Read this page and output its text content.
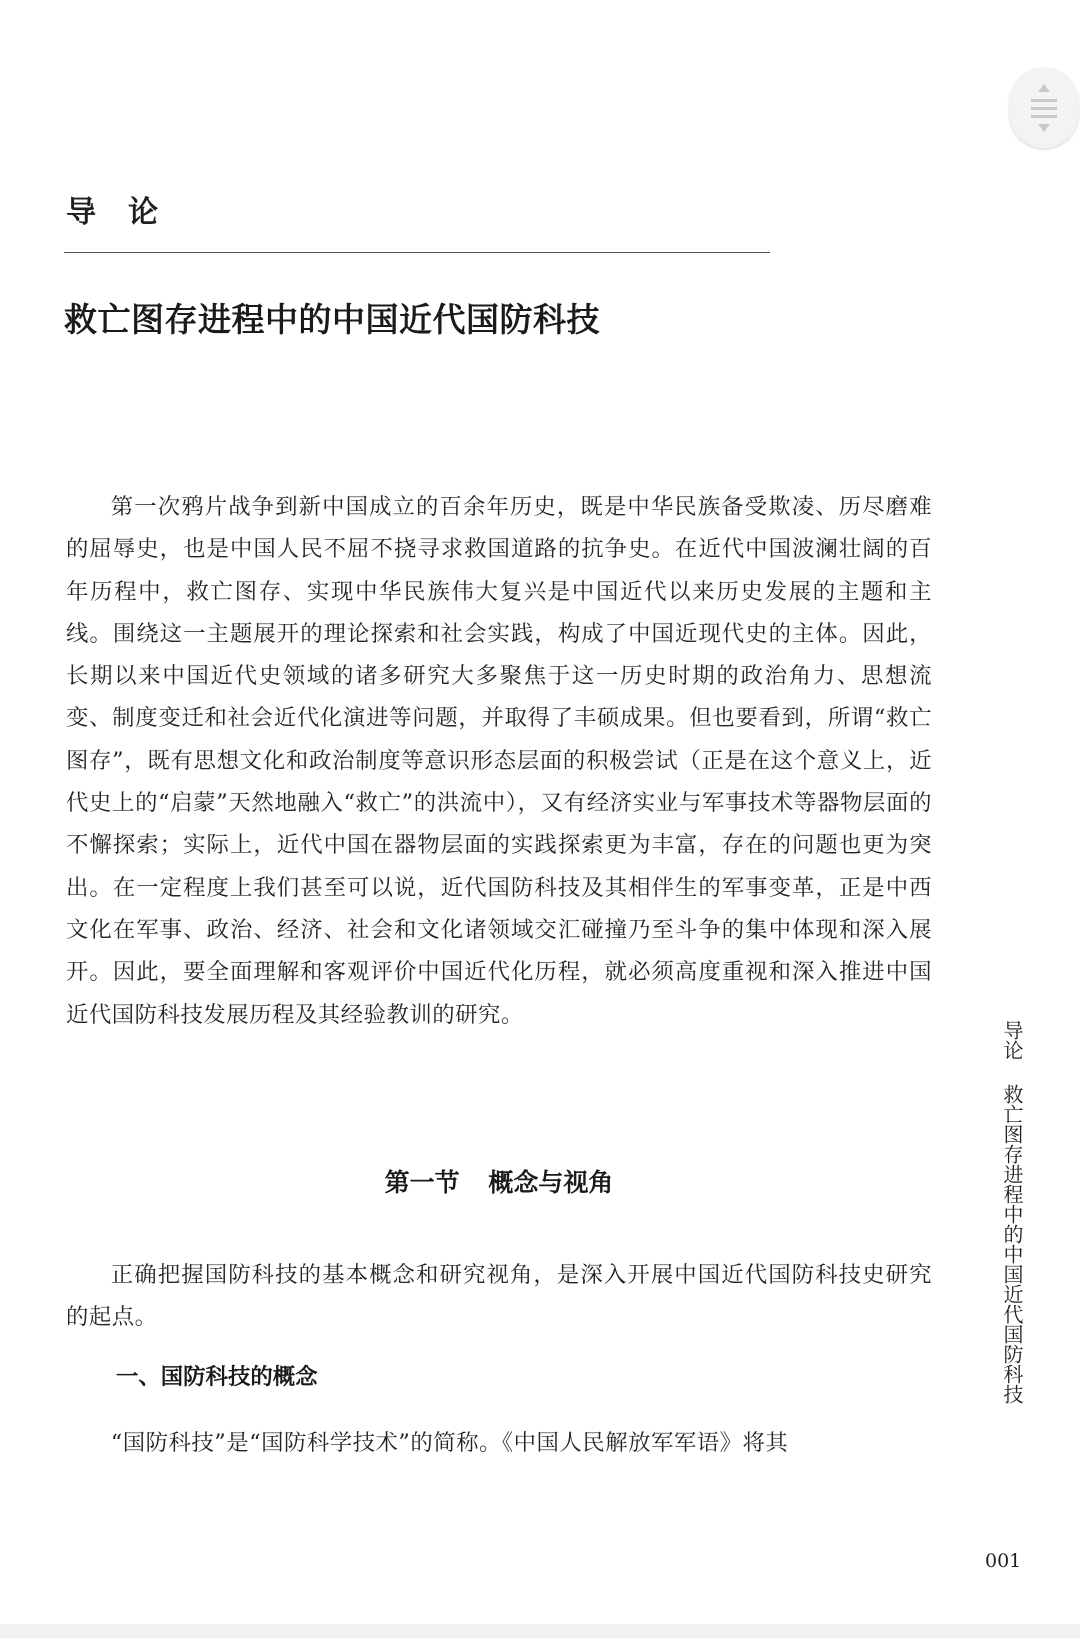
导论
救亡图存进程中的中国近代国防科技

第一次鸦片战争到新中国成立的百余年历史，既是中华民族备受欺凌、历尽磨难的屈辱史，也是中国人民不屈不挠寻求救国道路的抗争史。在近代中国波澜壮阔的百年历程中，救亡图存、实现中华民族伟大复兴是中国近代以来历史发展的主题和主线。围绕这一主题展开的理论探索和社会实践，构成了中国近现代史的主体。因此，长期以来中国近代史领域的诸多研究大多聚焦于这一历史时期的政治角力、思想流变、制度变迁和社会近代化演进等问题，并取得了丰硕成果。但也要看到，所谓“救亡图存”，既有思想文化和政治制度等意识形态层面的积极尝试（正是在这个意义上，近代史上的“启蒙”天然地融入“救亡”的洪流中），又有经济实业与军事技术等器物层面的不懈探索；实际上，近代中国在器物层面的实践探索更为丰富，存在的问题也更为突出。在一定程度上我们甚至可以说，近代国防科技及其相伴生的军事变革，正是中西文化在军事、政治、经济、社会和文化诸领域交汇碰撞乃至斗争的集中体现和深入展开。因此，要全面理解和客观评价中国近代化历程，就必须高度重视和深入推进中国近代国防科技发展历程及其经验教训的研究。

第一节 概念与视角

正确把握国防科技的基本概念和研究视角，是深入开展中国近代国防科技史研究的起点。

一、国防科技的概念

“国防科技”是“国防科学技术”的简称。《中国人民解放军军语》将其

导论 救亡图存进程中的中国近代国防科技

001
